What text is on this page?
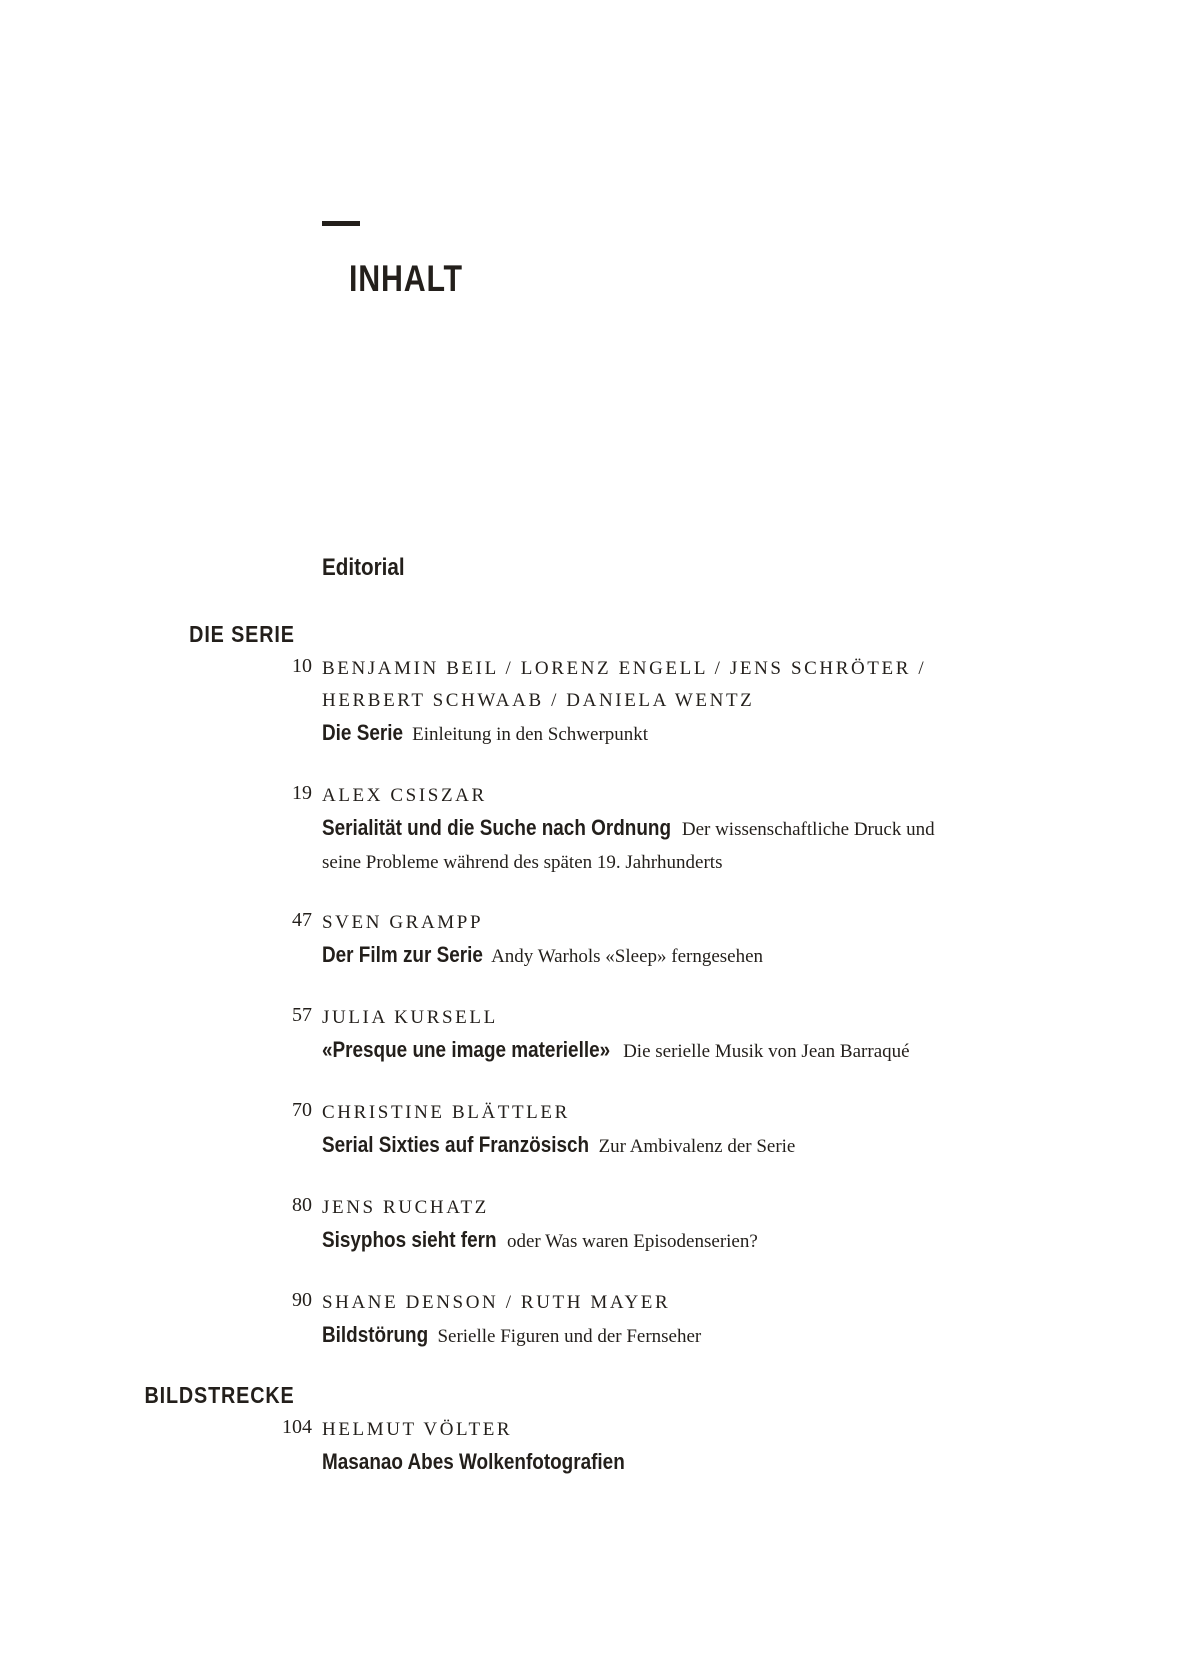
INHALT
Editorial
DIE SERIE
10 BENJAMIN BEIL / LORENZ ENGELL / JENS SCHRÖTER /
HERBERT SCHWAAB / DANIELA WENTZ
Die Serie Einleitung in den Schwerpunkt
19 ALEX CSISZAR
Serialität und die Suche nach Ordnung Der wissenschaftliche Druck und
seine Probleme während des späten 19. Jahrhunderts
47 SVEN GRAMPP
Der Film zur Serie Andy Warhols «Sleep» ferngesehen
57 JULIA KURSELL
«Presque une image materielle» Die serielle Musik von Jean Barraqué
70 CHRISTINE BLÄTTLER
Serial Sixties auf Französisch Zur Ambivalenz der Serie
80 JENS RUCHATZ
Sisyphos sieht fern oder Was waren Episodenserien?
90 SHANE DENSON / RUTH MAYER
Bildstörung Serielle Figuren und der Fernseher
BILDSTRECKE
104 HELMUT VÖLTER
Masanao Abes Wolkenfotografien
